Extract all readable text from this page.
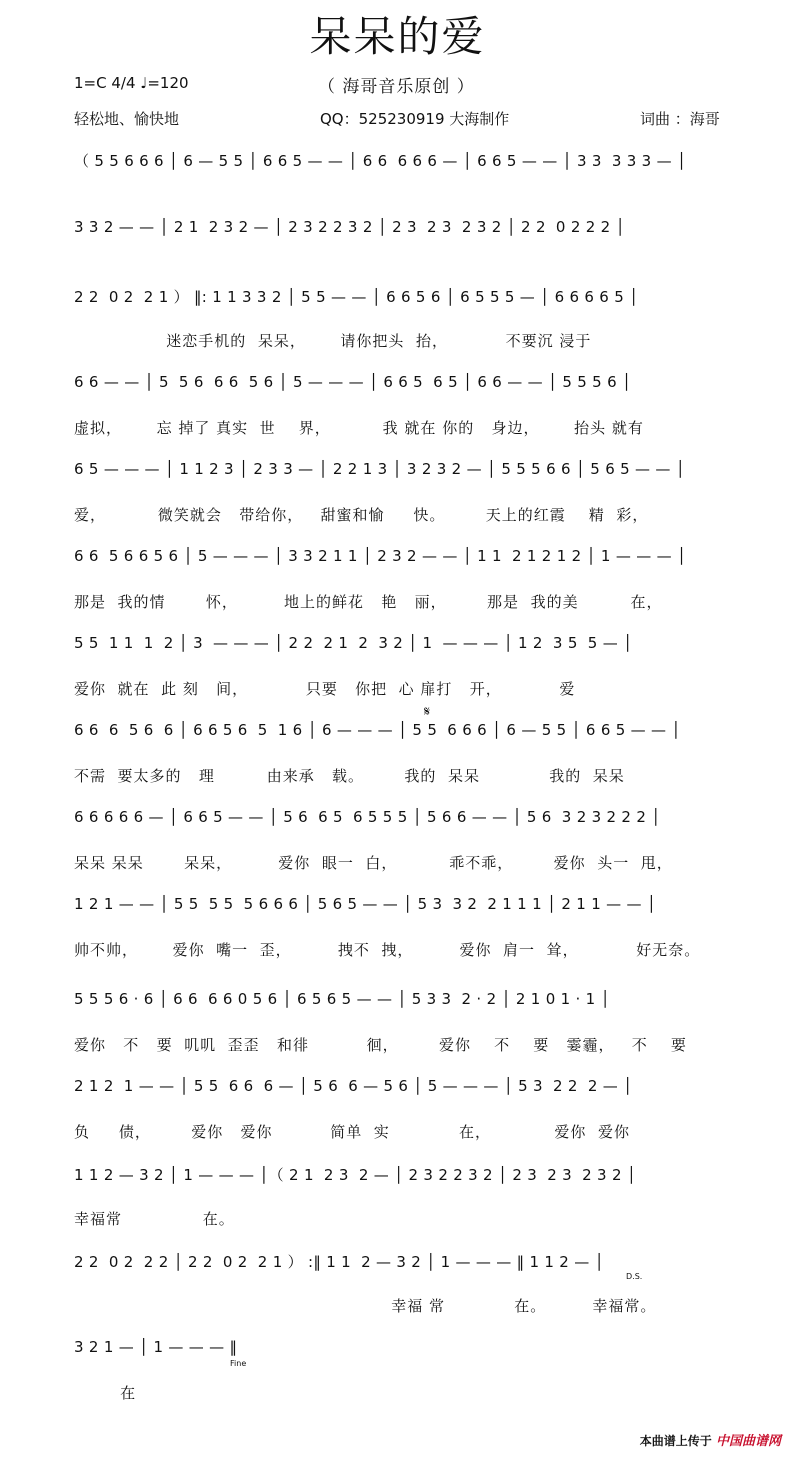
呆呆的爱
1=C 4/4 ♩=120	（ 海哥音乐原创 ）
轻松地、愉快地	QQ：525230919 大海制作	词曲 ：海哥
（ 5 5 6 6 6 │ 6 — 5 5 │ 6 6 5 — — │ 6 6  6 6 6 — │ 6 6 5 — — │ 3 3  3 3 3 — │
3 3 2 — — │ 2 1  2 3 2 — │ 2 3 2 2 3 2 │ 2 3  2 3  2 3 2 │ 2 2  0 2 2 2 │
2 2  0 2  2 1 ） ‖: 1 1 3 3 2 │ 5 5 — — │ 6 6 5 6 │ 6 5 5 5 — │ 6 6 6 6 5 │
迷恋手机的  呆呆，      请你把头  抬，          不要沉 浸于
6 6 — — │ 5  5 6  6 6  5 6 │ 5 — — — │ 6 6 5  6 5 │ 6 6 — — │ 5 5 5 6 │
虚拟，      忘 掉了 真实  世    界，         我 就在 你的   身边，      抬头 就有
6 5 — — — │ 1 1 2 3 │ 2 3 3 — │ 2 2 1 3 │ 3 2 3 2 — │ 5 5 5 6 6 │ 5 6 5 — — │
爱，         微笑就会   带给你，   甜蜜和愉     快。       天上的红霞    精  彩，
6 6  5 6 6 5 6 │ 5 — — — │ 3 3 2 1 1 │ 2 3 2 — — │ 1 1  2 1 2 1 2 │ 1 — — — │
那是  我的情       怀，        地上的鲜花   艳   丽，       那是  我的美         在，
5 5  1 1  1  2 │ 3  — — — │ 2 2  2 1  2  3 2 │ 1  — — — │ 1 2  3 5  5 — │
爱你  就在  此 刻   间，          只要   你把  心 扉打   开，          爱
𝄋
6 6  6  5 6  6 │ 6 6 5 6  5  1 6 │ 6 — — — │ 5 5  6 6 6 │ 6 — 5 5 │ 6 6 5 — — │
不需  要太多的   理         由来承   载。       我的  呆呆            我的  呆呆
6 6 6 6 6 — │ 6 6 5 — — │ 5 6  6 5  6 5 5 5 │ 5 6 6 — — │ 5 6  3 2 3 2 2 2 │
呆呆 呆呆       呆呆，        爱你  眼一  白，         乖不乖，       爱你  头一  甩，
1 2 1 — — │ 5 5  5 5  5 6 6 6 │ 5 6 5 — — │ 5 3  3 2  2 1 1 1 │ 2 1 1 — — │
帅不帅，      爱你  嘴一  歪，        拽不  拽，        爱你  肩一  耸，          好无奈。
5 5 5 6 · 6 │ 6 6  6 6 0 5 6 │ 6 5 6 5 — — │ 5 3 3  2 · 2 │ 2 1 0 1 · 1 │
爱你   不   要  叽叽  歪歪   和徘          徊，       爱你    不    要   霎霾，   不    要
2 1 2  1 — — │ 5 5  6 6  6 — │ 5 6  6 — 5 6 │ 5 — — — │ 5 3  2 2  2 — │
负     债，       爱你   爱你          简单  实            在，           爱你  爱你
1 1 2 — 3 2 │ 1 — — — │（ 2 1  2 3  2 — │ 2 3 2 2 3 2 │ 2 3  2 3  2 3 2 │
幸福常              在。
2 2  0 2  2 2 │ 2 2  0 2  2 1 ） :‖ 1 1  2 — 3 2 │ 1 — — — ‖ 1 1 2 — │
D.S.
幸福 常            在。        幸福常。
3 2 1 — │ 1 — — — ‖
Fine
在
本曲谱上传于 中国曲谱网
